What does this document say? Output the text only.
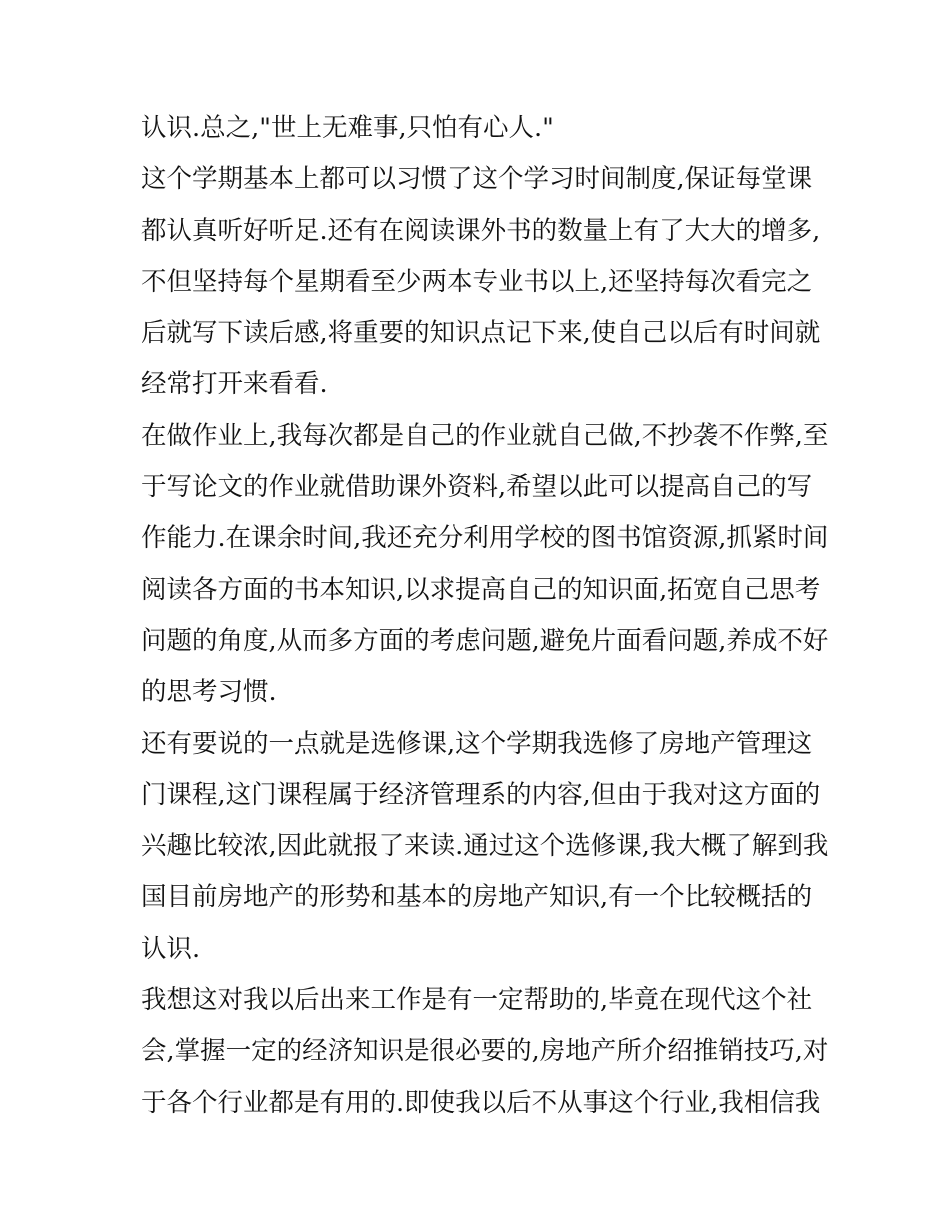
认识.总之,"世上无难事,只怕有心人."
这个学期基本上都可以习惯了这个学习时间制度,保证每堂课
都认真听好听足.还有在阅读课外书的数量上有了大大的增多,
不但坚持每个星期看至少两本专业书以上,还坚持每次看完之
后就写下读后感,将重要的知识点记下来,使自己以后有时间就
经常打开来看看.
在做作业上,我每次都是自己的作业就自己做,不抄袭不作弊,至
于写论文的作业就借助课外资料,希望以此可以提高自己的写
作能力.在课余时间,我还充分利用学校的图书馆资源,抓紧时间
阅读各方面的书本知识,以求提高自己的知识面,拓宽自己思考
问题的角度,从而多方面的考虑问题,避免片面看问题,养成不好
的思考习惯.
还有要说的一点就是选修课,这个学期我选修了房地产管理这
门课程,这门课程属于经济管理系的内容,但由于我对这方面的
兴趣比较浓,因此就报了来读.通过这个选修课,我大概了解到我
国目前房地产的形势和基本的房地产知识,有一个比较概括的
认识.
我想这对我以后出来工作是有一定帮助的,毕竟在现代这个社
会,掌握一定的经济知识是很必要的,房地产所介绍推销技巧,对
于各个行业都是有用的.即使我以后不从事这个行业,我相信我
